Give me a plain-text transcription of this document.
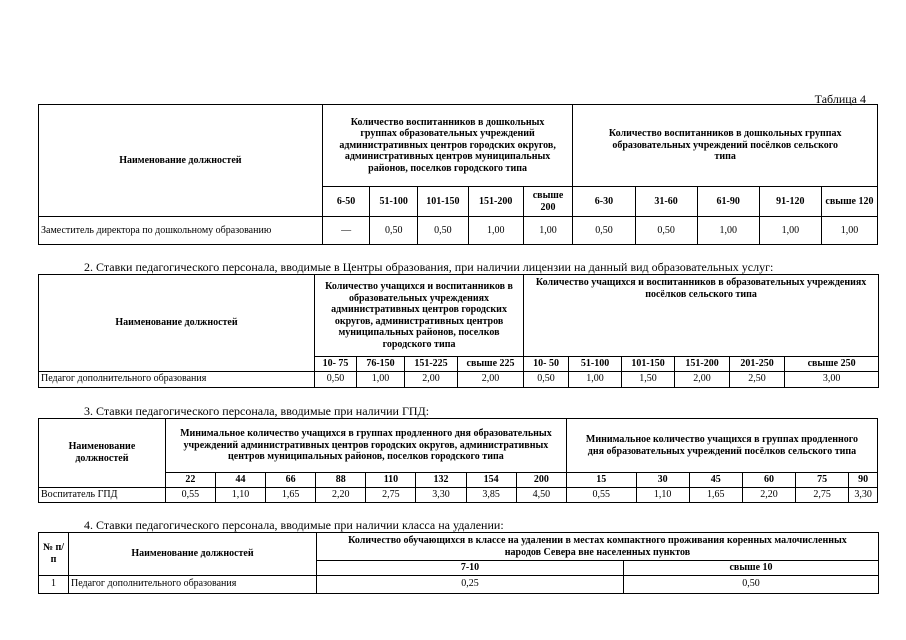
Таблица 4
Наименование должностей	Количество воспитанников в дошкольных группах образовательных учреждений административных центров городских округов, административных центров муниципальных районов, поселков городского типа					Количество воспитанников в дошкольных группах образовательных учреждений посёлков сельского типа				
	6-50	51-100	101-150	151-200	свыше 200	6-30	31-60	61-90	91-120	свыше 120
Заместитель директора по дошкольному образованию	—	0,50	0,50	1,00	1,00	0,50	0,50	1,00	1,00	1,00
2. Ставки педагогического персонала, вводимые в Центры образования, при наличии лицензии на данный вид образовательных услуг:
Наименование должностей	Количество учащихся и воспитанников в образовательных учреждениях административных центров городских округов, административных центров муниципальных районов, поселков городского типа				Количество учащихся и воспитанников в образовательных учреждениях посёлков сельского типа					
	10- 75	76-150	151-225	свыше 225	10- 50	51-100	101-150	151-200	201-250	свыше 250
Педагог дополнительного образования	0,50	1,00	2,00	2,00	0,50	1,00	1,50	2,00	2,50	3,00
3. Ставки педагогического персонала, вводимые при наличии ГПД:
Наименование должностей	Минимальное количество учащихся в группах продленного дня образовательных учреждений административных центров городских округов, административных центров муниципальных районов, поселков городского типа								Минимальное количество учащихся в группах продленного дня образовательных учреждений посёлков сельского типа					
	22	44	66	88	110	132	154	200	15	30	45	60	75	90
Воспитатель ГПД	0,55	1,10	1,65	2,20	2,75	3,30	3,85	4,50	0,55	1,10	1,65	2,20	2,75	3,30
4. Ставки педагогического персонала, вводимые при наличии класса на удалении:
№ п/п	Наименование должностей	Количество обучающихся в классе на удалении в местах компактного проживания коренных малочисленных народов Севера вне населенных пунктов	
		7-10	свыше 10
1	Педагог дополнительного образования	0,25	0,50
